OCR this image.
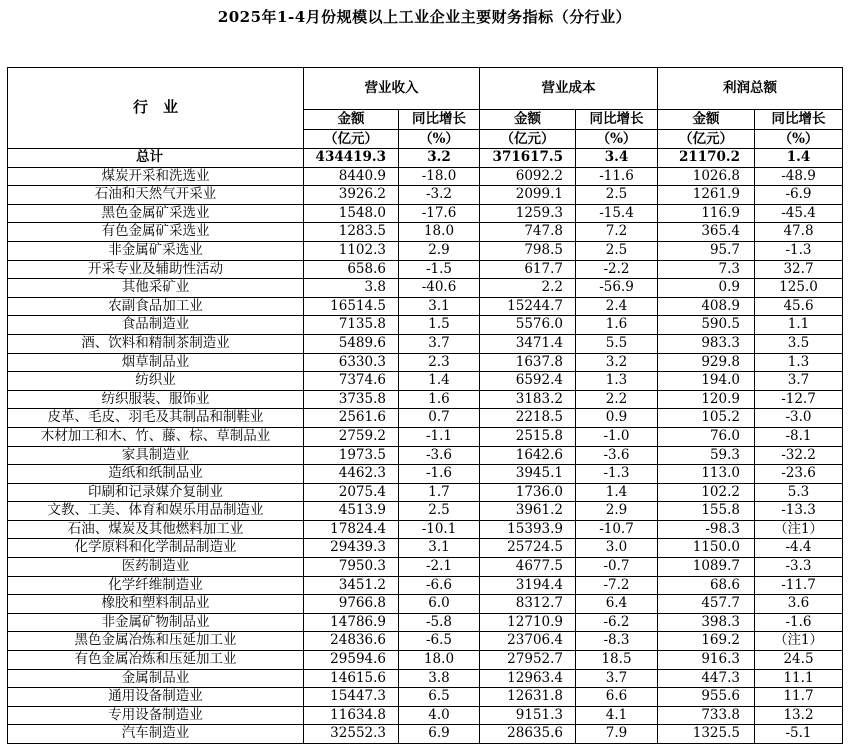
2025年1-4月份规模以上工业企业主要财务指标（分行业）
行　业	营业收入		营业成本		利润总额	
	金额	同比增长	金额	同比增长	金额	同比增长
	（亿元）	（%）	（亿元）	（%）	（亿元）	（%）
总计	434419.3	3.2	371617.5	3.4	21170.2	1.4
煤炭开采和洗选业	8440.9	-18.0	6092.2	-11.6	1026.8	-48.9
石油和天然气开采业	3926.2	-3.2	2099.1	2.5	1261.9	-6.9
黑色金属矿采选业	1548.0	-17.6	1259.3	-15.4	116.9	-45.4
有色金属矿采选业	1283.5	18.0	747.8	7.2	365.4	47.8
非金属矿采选业	1102.3	2.9	798.5	2.5	95.7	-1.3
开采专业及辅助性活动	658.6	-1.5	617.7	-2.2	7.3	32.7
其他采矿业	3.8	-40.6	2.2	-56.9	0.9	125.0
农副食品加工业	16514.5	3.1	15244.7	2.4	408.9	45.6
食品制造业	7135.8	1.5	5576.0	1.6	590.5	1.1
酒、饮料和精制茶制造业	5489.6	3.7	3471.4	5.5	983.3	3.5
烟草制品业	6330.3	2.3	1637.8	3.2	929.8	1.3
纺织业	7374.6	1.4	6592.4	1.3	194.0	3.7
纺织服装、服饰业	3735.8	1.6	3183.2	2.2	120.9	-12.7
皮革、毛皮、羽毛及其制品和制鞋业	2561.6	0.7	2218.5	0.9	105.2	-3.0
木材加工和木、竹、藤、棕、草制品业	2759.2	-1.1	2515.8	-1.0	76.0	-8.1
家具制造业	1973.5	-3.6	1642.6	-3.6	59.3	-32.2
造纸和纸制品业	4462.3	-1.6	3945.1	-1.3	113.0	-23.6
印刷和记录媒介复制业	2075.4	1.7	1736.0	1.4	102.2	5.3
文教、工美、体育和娱乐用品制造业	4513.9	2.5	3961.2	2.9	155.8	-13.3
石油、煤炭及其他燃料加工业	17824.4	-10.1	15393.9	-10.7	-98.3	（注1）
化学原料和化学制品制造业	29439.3	3.1	25724.5	3.0	1150.0	-4.4
医药制造业	7950.3	-2.1	4677.5	-0.7	1089.7	-3.3
化学纤维制造业	3451.2	-6.6	3194.4	-7.2	68.6	-11.7
橡胶和塑料制品业	9766.8	6.0	8312.7	6.4	457.7	3.6
非金属矿物制品业	14786.9	-5.8	12710.9	-6.2	398.3	-1.6
黑色金属冶炼和压延加工业	24836.6	-6.5	23706.4	-8.3	169.2	（注1）
有色金属冶炼和压延加工业	29594.6	18.0	27952.7	18.5	916.3	24.5
金属制品业	14615.6	3.8	12963.4	3.7	447.3	11.1
通用设备制造业	15447.3	6.5	12631.8	6.6	955.6	11.7
专用设备制造业	11634.8	4.0	9151.3	4.1	733.8	13.2
汽车制造业	32552.3	6.9	28635.6	7.9	1325.5	-5.1
